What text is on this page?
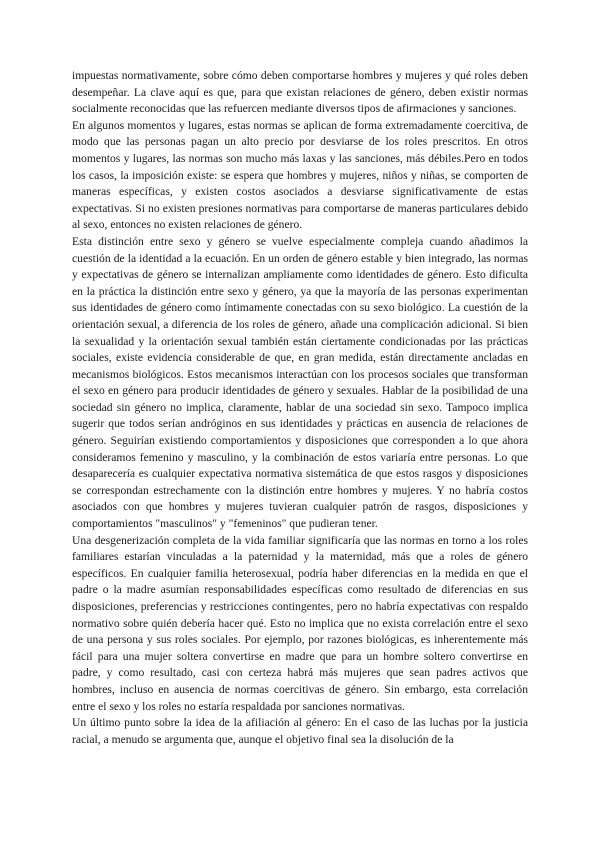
impuestas normativamente, sobre cómo deben comportarse hombres y mujeres y qué roles deben desempeñar. La clave aquí es que, para que existan relaciones de género, deben existir normas socialmente reconocidas que las refuercen mediante diversos tipos de afirmaciones y sanciones.

En algunos momentos y lugares, estas normas se aplican de forma extremadamente coercitiva, de modo que las personas pagan un alto precio por desviarse de los roles prescritos. En otros momentos y lugares, las normas son mucho más laxas y las sanciones, más débiles.Pero en todos los casos, la imposición existe: se espera que hombres y mujeres, niños y niñas, se comporten de maneras específicas, y existen costos asociados a desviarse significativamente de estas expectativas. Si no existen presiones normativas para comportarse de maneras particulares debido al sexo, entonces no existen relaciones de género.

Esta distinción entre sexo y género se vuelve especialmente compleja cuando añadimos la cuestión de la identidad a la ecuación. En un orden de género estable y bien integrado, las normas y expectativas de género se internalizan ampliamente como identidades de género. Esto dificulta en la práctica la distinción entre sexo y género, ya que la mayoría de las personas experimentan sus identidades de género como íntimamente conectadas con su sexo biológico. La cuestión de la orientación sexual, a diferencia de los roles de género, añade una complicación adicional. Si bien la sexualidad y la orientación sexual también están ciertamente condicionadas por las prácticas sociales, existe evidencia considerable de que, en gran medida, están directamente ancladas en mecanismos biológicos. Estos mecanismos interactúan con los procesos sociales que transforman el sexo en género para producir identidades de género y sexuales. Hablar de la posibilidad de una sociedad sin género no implica, claramente, hablar de una sociedad sin sexo. Tampoco implica sugerir que todos serían andróginos en sus identidades y prácticas en ausencia de relaciones de género. Seguirían existiendo comportamientos y disposiciones que corresponden a lo que ahora consideramos femenino y masculino, y la combinación de estos variaría entre personas. Lo que desaparecería es cualquier expectativa normativa sistemática de que estos rasgos y disposiciones se correspondan estrechamente con la distinción entre hombres y mujeres. Y no habría costos asociados con que hombres y mujeres tuvieran cualquier patrón de rasgos, disposiciones y comportamientos "masculinos" y "femeninos" que pudieran tener.

Una desgenerización completa de la vida familiar significaría que las normas en torno a los roles familiares estarían vinculadas a la paternidad y la maternidad, más que a roles de género específicos. En cualquier familia heterosexual, podría haber diferencias en la medida en que el padre o la madre asumían responsabilidades específicas como resultado de diferencias en sus disposiciones, preferencias y restricciones contingentes, pero no habría expectativas con respaldo normativo sobre quién debería hacer qué. Esto no implica que no exista correlación entre el sexo de una persona y sus roles sociales. Por ejemplo, por razones biológicas, es inherentemente más fácil para una mujer soltera convertirse en madre que para un hombre soltero convertirse en padre, y como resultado, casi con certeza habrá más mujeres que sean padres activos que hombres, incluso en ausencia de normas coercitivas de género. Sin embargo, esta correlación entre el sexo y los roles no estaría respaldada por sanciones normativas.

Un último punto sobre la idea de la afiliación al género: En el caso de las luchas por la justicia racial, a menudo se argumenta que, aunque el objetivo final sea la disolución de la
